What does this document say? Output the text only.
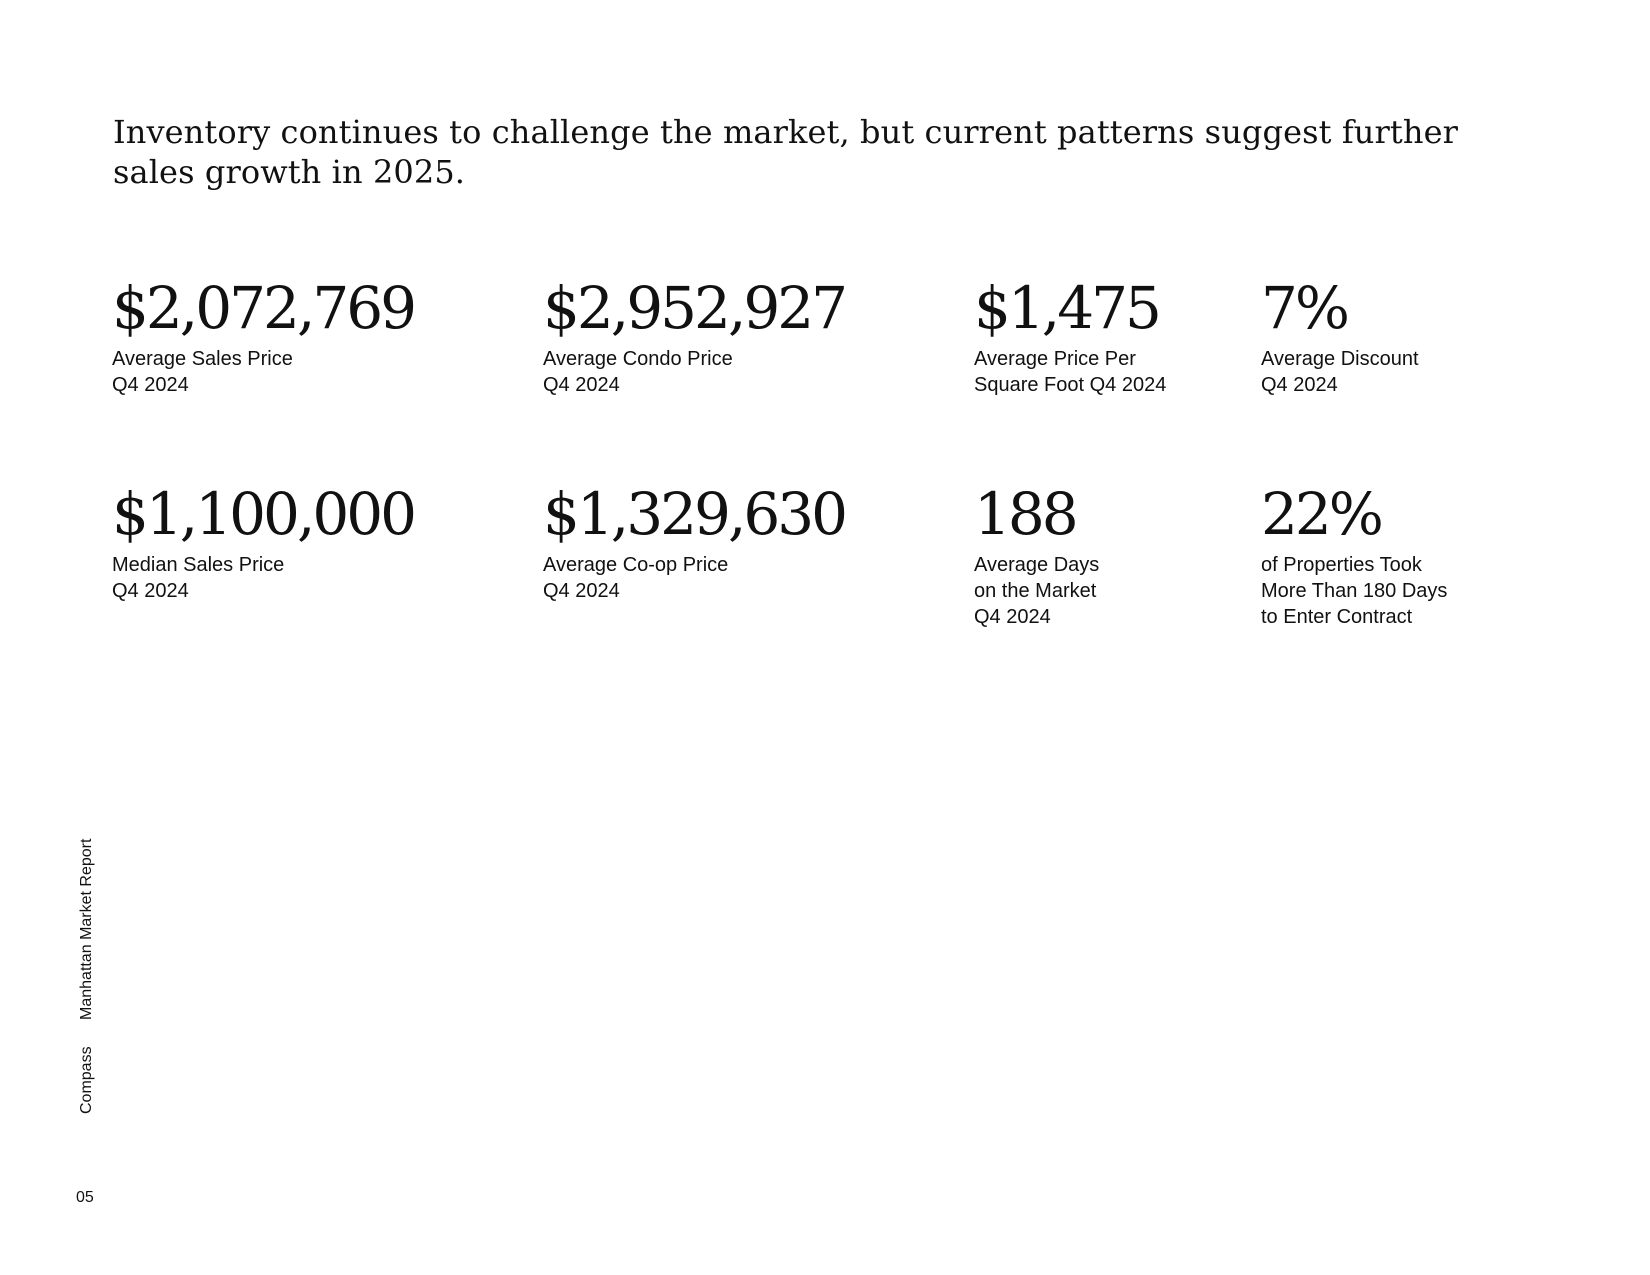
Inventory continues to challenge the market, but current patterns suggest further sales growth in 2025.
$2,072,769
Average Sales Price
Q4 2024
$2,952,927
Average Condo Price
Q4 2024
$1,475
Average Price Per
Square Foot Q4 2024
7%
Average Discount
Q4 2024
$1,100,000
Median Sales Price
Q4 2024
$1,329,630
Average Co-op Price
Q4 2024
188
Average Days
on the Market
Q4 2024
22%
of Properties Took
More Than 180 Days
to Enter Contract
Compass Manhattan Market Report
05
